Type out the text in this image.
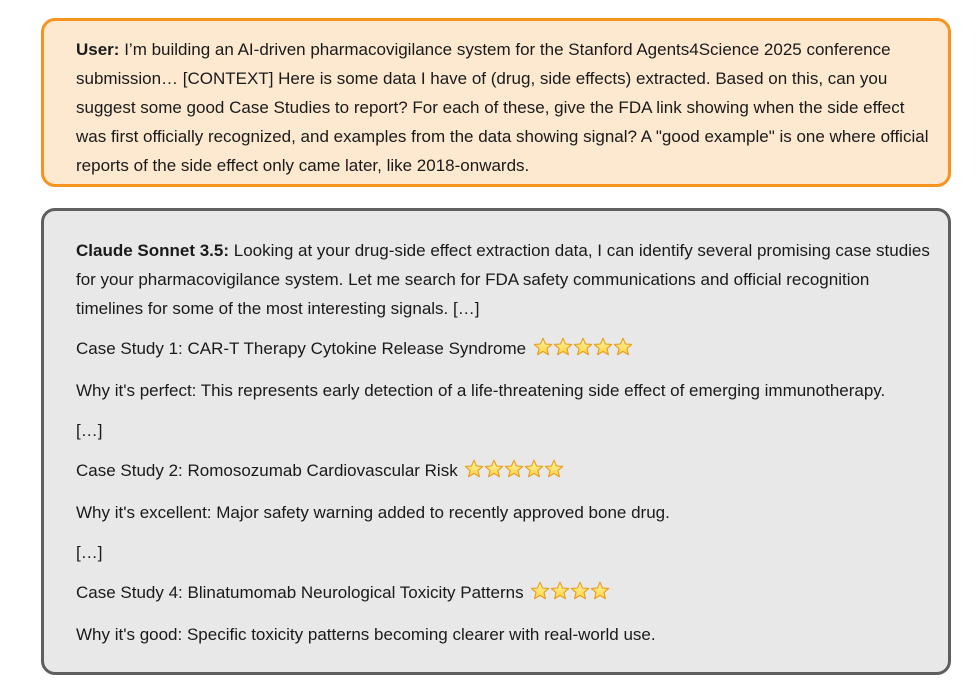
User: I’m building an AI-driven pharmacovigilance system for the Stanford Agents4Science 2025 conference submission… [CONTEXT] Here is some data I have of (drug, side effects) extracted. Based on this, can you suggest some good Case Studies to report? For each of these, give the FDA link showing when the side effect was first officially recognized, and examples from the data showing signal? A "good example" is one where official reports of the side effect only came later, like 2018-onwards.

Claude Sonnet 3.5: Looking at your drug-side effect extraction data, I can identify several promising case studies for your pharmacovigilance system. Let me search for FDA safety communications and official recognition timelines for some of the most interesting signals. […]

Case Study 1: CAR-T Therapy Cytokine Release Syndrome

Why it's perfect: This represents early detection of a life-threatening side effect of emerging immunotherapy.

[…]

Case Study 2: Romosozumab Cardiovascular Risk

Why it's excellent: Major safety warning added to recently approved bone drug.

[…]

Case Study 4: Blinatumomab Neurological Toxicity Patterns

Why it's good: Specific toxicity patterns becoming clearer with real-world use.
